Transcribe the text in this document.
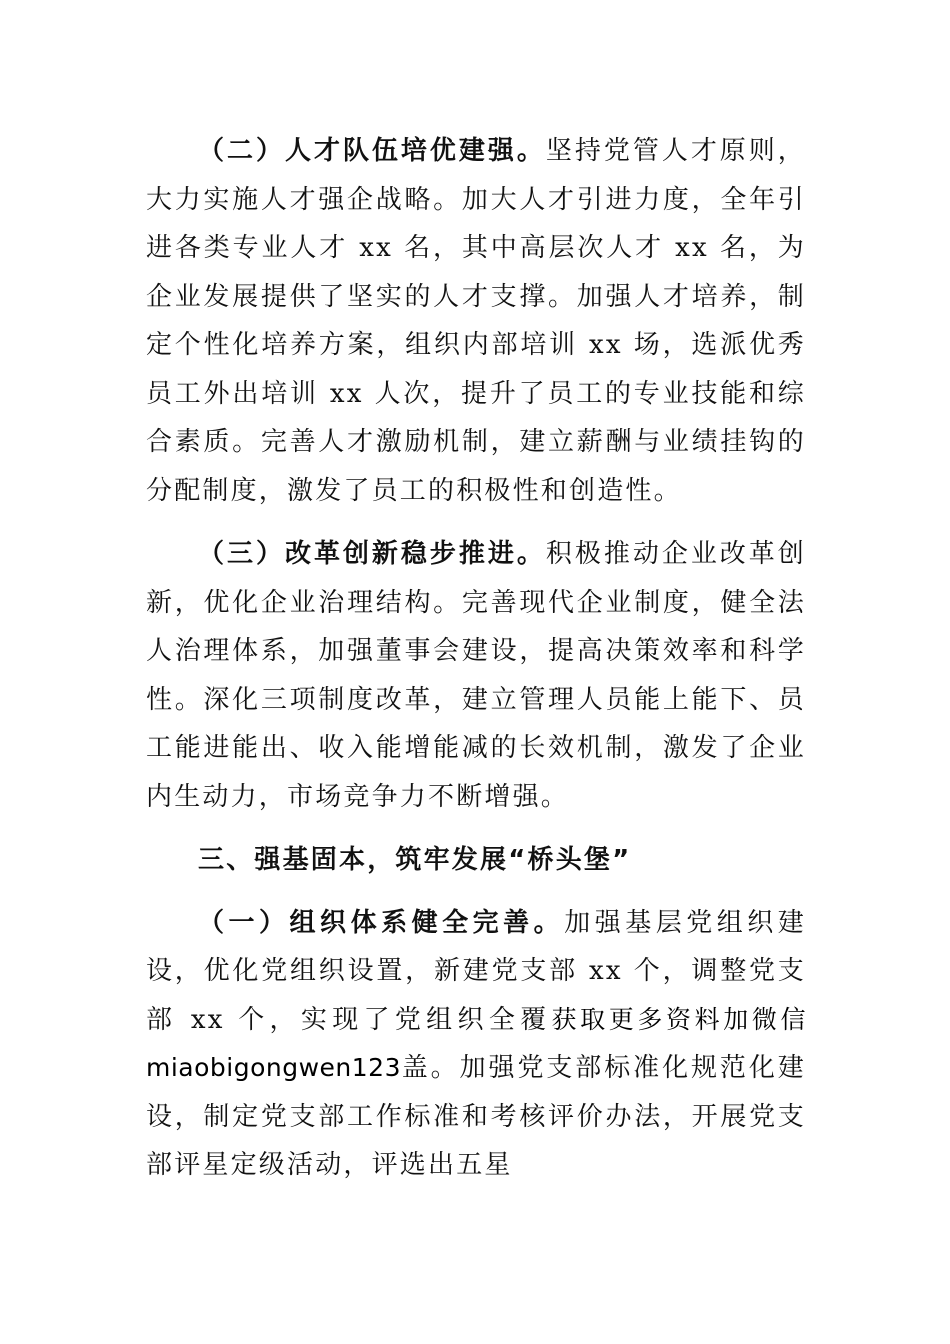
（二）人才队伍培优建强。坚持党管人才原则，大力实施人才强企战略。加大人才引进力度，全年引进各类专业人才 xx 名，其中高层次人才 xx 名，为企业发展提供了坚实的人才支撑。加强人才培养，制定个性化培养方案，组织内部培训 xx 场，选派优秀员工外出培训 xx 人次，提升了员工的专业技能和综合素质。完善人才激励机制，建立薪酬与业绩挂钩的分配制度，激发了员工的积极性和创造性。

（三）改革创新稳步推进。积极推动企业改革创新，优化企业治理结构。完善现代企业制度，健全法人治理体系，加强董事会建设，提高决策效率和科学性。深化三项制度改革，建立管理人员能上能下、员工能进能出、收入能增能减的长效机制，激发了企业内生动力，市场竞争力不断增强。

三、强基固本，筑牢发展“桥头堡”

（一）组织体系健全完善。加强基层党组织建设，优化党组织设置，新建党支部 xx 个，调整党支部 xx 个，实现了党组织全覆获取更多资料加微信 miaobigongwen123盖。加强党支部标准化规范化建设，制定党支部工作标准和考核评价办法，开展党支部评星定级活动，评选出五星
